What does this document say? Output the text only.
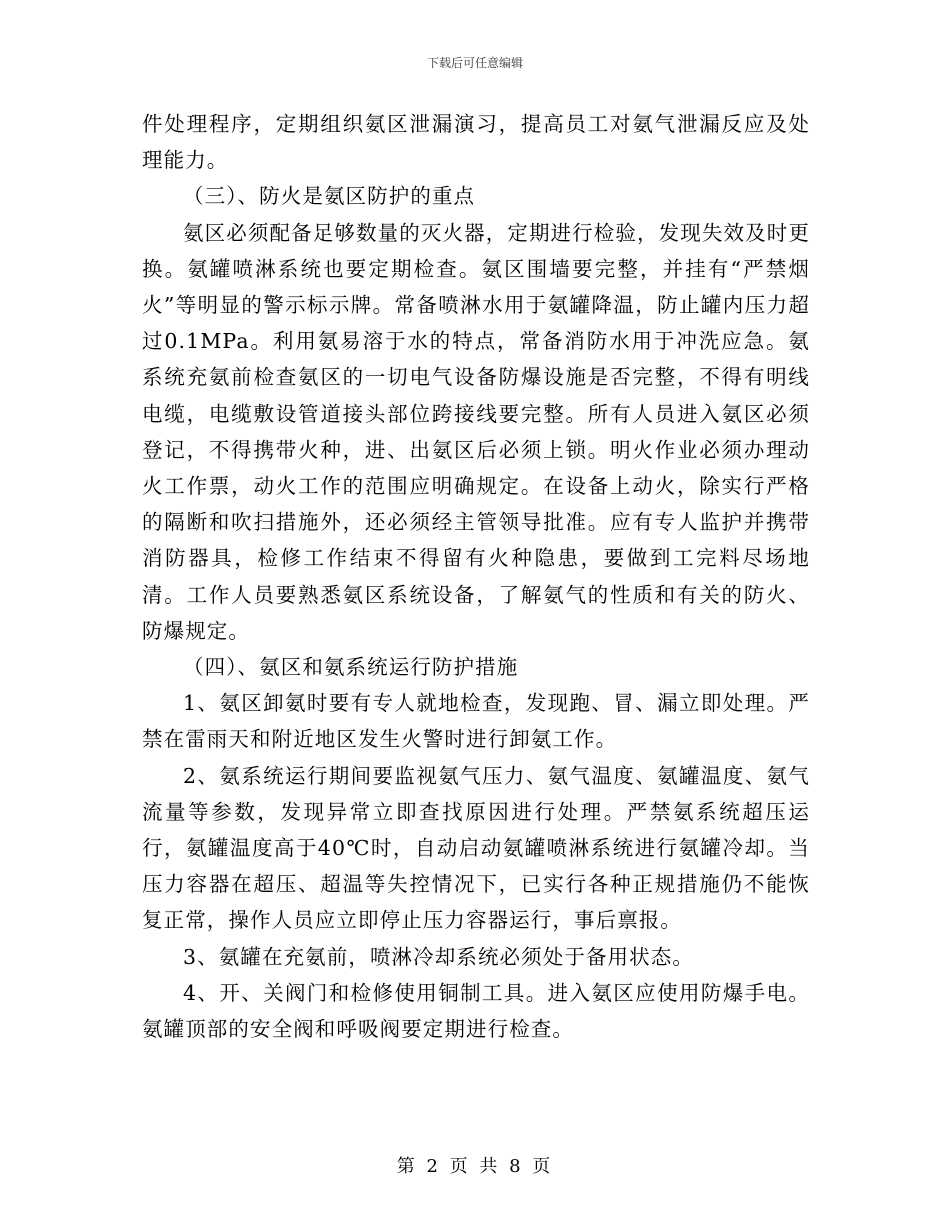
下载后可任意编辑

件处理程序，定期组织氨区泄漏演习，提高员工对氨气泄漏反应及处理能力。

（三）、防火是氨区防护的重点

氨区必须配备足够数量的灭火器，定期进行检验，发现失效及时更换。氨罐喷淋系统也要定期检查。氨区围墙要完整，并挂有“严禁烟火”等明显的警示标示牌。常备喷淋水用于氨罐降温，防止罐内压力超过0.1MPa。利用氨易溶于水的特点，常备消防水用于冲洗应急。氨系统充氨前检查氨区的一切电气设备防爆设施是否完整，不得有明线电缆，电缆敷设管道接头部位跨接线要完整。所有人员进入氨区必须登记，不得携带火种，进、出氨区后必须上锁。明火作业必须办理动火工作票，动火工作的范围应明确规定。在设备上动火，除实行严格的隔断和吹扫措施外，还必须经主管领导批准。应有专人监护并携带消防器具，检修工作结束不得留有火种隐患，要做到工完料尽场地清。工作人员要熟悉氨区系统设备，了解氨气的性质和有关的防火、防爆规定。

（四）、氨区和氨系统运行防护措施

1、氨区卸氨时要有专人就地检查，发现跑、冒、漏立即处理。严禁在雷雨天和附近地区发生火警时进行卸氨工作。

2、氨系统运行期间要监视氨气压力、氨气温度、氨罐温度、氨气流量等参数，发现异常立即查找原因进行处理。严禁氨系统超压运行，氨罐温度高于40℃时，自动启动氨罐喷淋系统进行氨罐冷却。当压力容器在超压、超温等失控情况下，已实行各种正规措施仍不能恢复正常，操作人员应立即停止压力容器运行，事后禀报。

3、氨罐在充氨前，喷淋冷却系统必须处于备用状态。

4、开、关阀门和检修使用铜制工具。进入氨区应使用防爆手电。氨罐顶部的安全阀和呼吸阀要定期进行检查。

第 2 页 共 8 页
